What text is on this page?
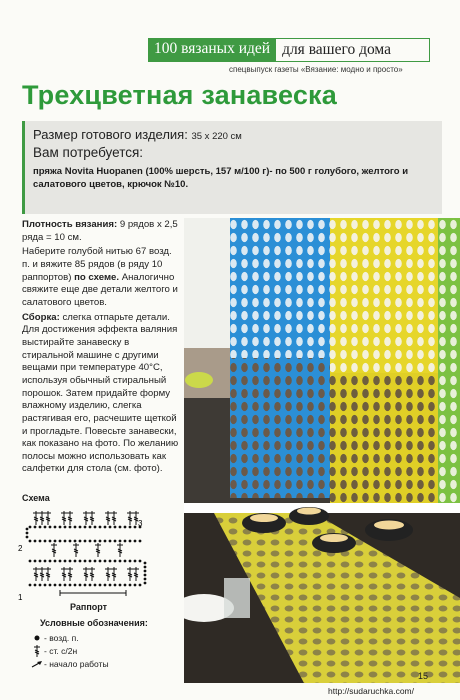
100 вязаных идей для вашего дома
спецвыпуск газеты «Вязание: модно и просто»
Трехцветная занавеска
Размер готового изделия: 35 x 220 см
Вам потребуется:
пряжа Novita Huopanen (100% шерсть, 157 м/100 г)- по 500 г голубого, желтого и салатового цветов, крючок №10.

Плотность вязания: 9 рядов х 2,5 ряда = 10 см.

Наберите голубой нитью 67 возд. п. и вяжите 85 рядов (в ряду 10 раппортов) по схеме. Аналогично свяжите еще две детали желтого и салатового цветов.

Сборка: слегка отпарьте детали. Для достижения эффекта валяния выстирайте занавеску в стиральной машине с другими вещами при температуре 40°С, используя обычный стиральный порошок. Затем придайте форму влажному изделию, слегка растягивая его, расчешите щеткой и прогладьте. Повесьте занавески, как показано на фото. По желанию полосы можно использовать как салфетки для стола (см. фото).

Схема
3
2
1
Раппорт
Условные обозначения:
- возд. п.
- ст. с/2н
- начало работы
15
http://sudaruchka.com/
